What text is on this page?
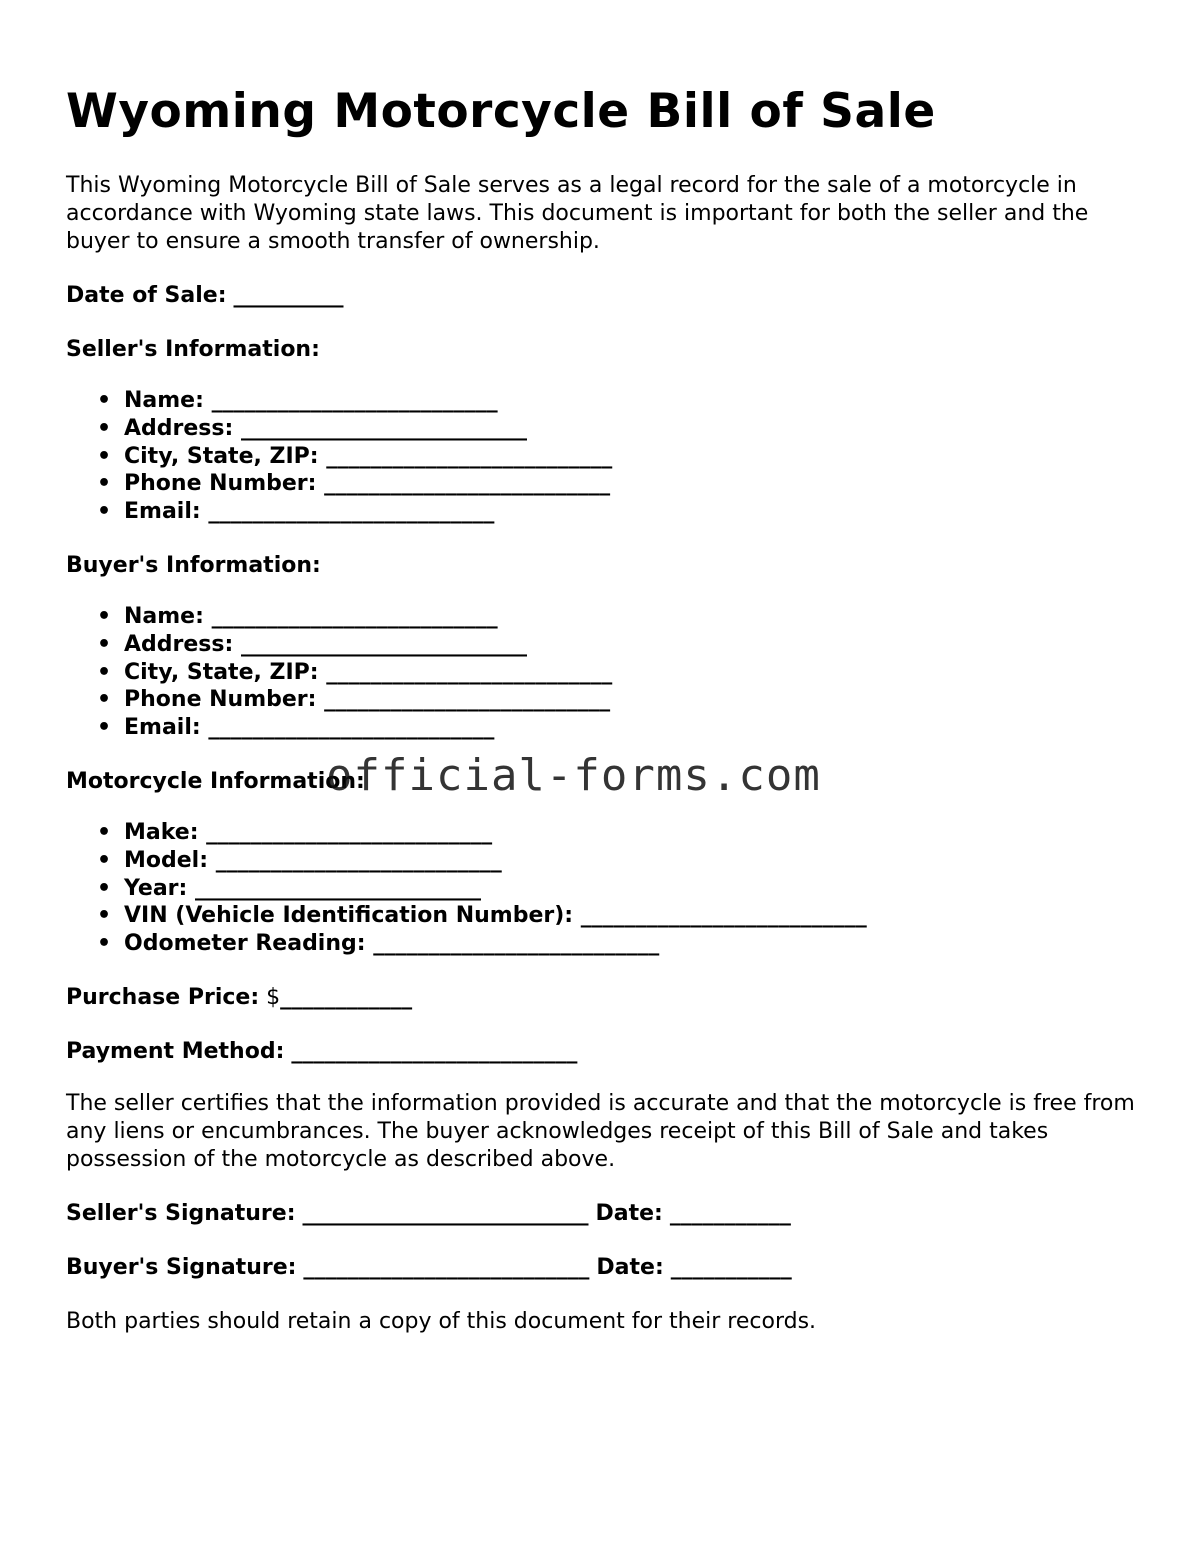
Wyoming Motorcycle Bill of Sale

This Wyoming Motorcycle Bill of Sale serves as a legal record for the sale of a motorcycle in accordance with Wyoming state laws. This document is important for both the seller and the buyer to ensure a smooth transfer of ownership.

Date of Sale: __________

Seller's Information:

• Name: __________________________
• Address: __________________________
• City, State, ZIP: __________________________
• Phone Number: __________________________
• Email: __________________________

Buyer's Information:

• Name: __________________________
• Address: __________________________
• City, State, ZIP: __________________________
• Phone Number: __________________________
• Email: __________________________

Motorcycle Information:

• Make: __________________________
• Model: __________________________
• Year: __________________________
• VIN (Vehicle Identification Number): __________________________
• Odometer Reading: __________________________

Purchase Price: $____________

Payment Method: __________________________

The seller certifies that the information provided is accurate and that the motorcycle is free from any liens or encumbrances. The buyer acknowledges receipt of this Bill of Sale and takes possession of the motorcycle as described above.

Seller's Signature: __________________________ Date: ___________

Buyer's Signature: __________________________ Date: ___________

Both parties should retain a copy of this document for their records.

official-forms.com
